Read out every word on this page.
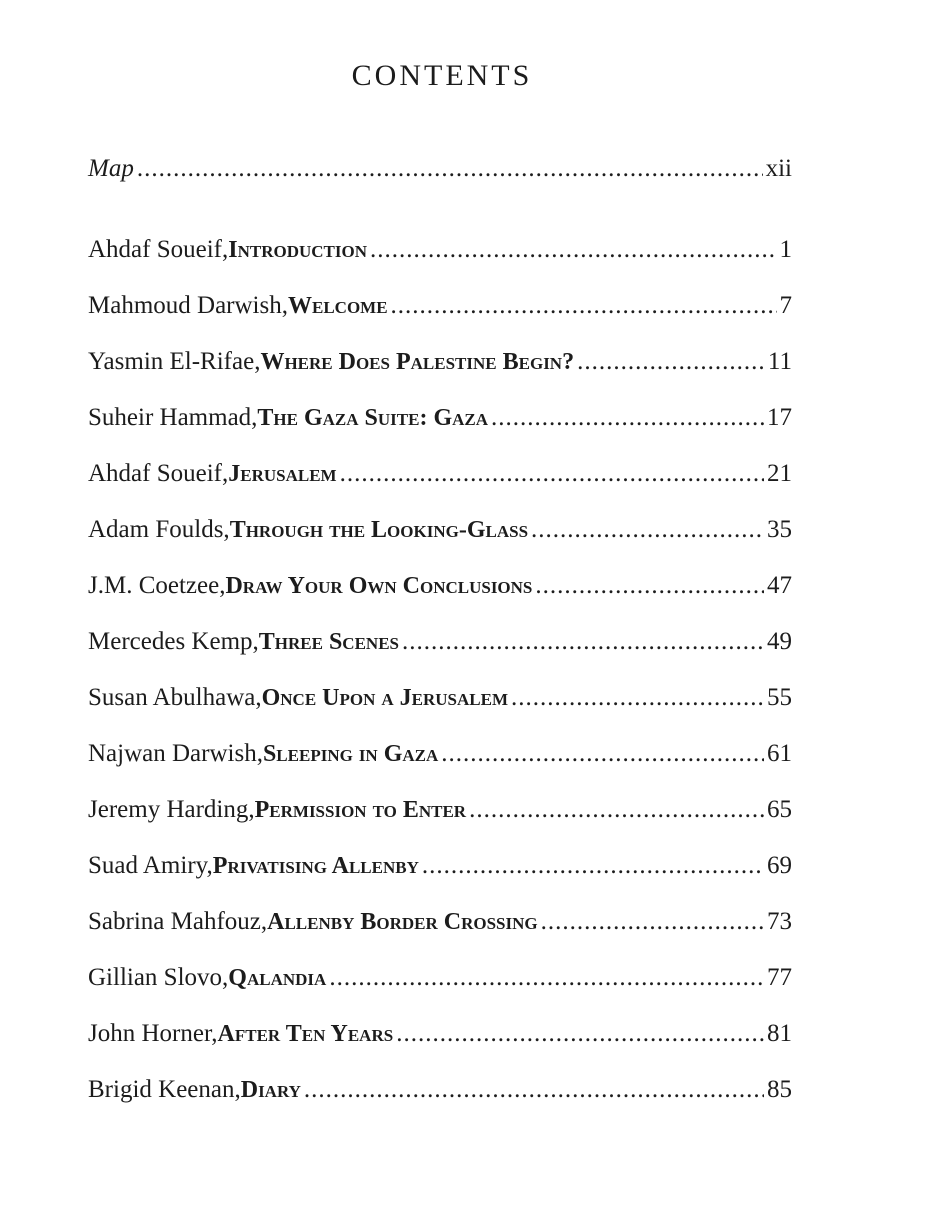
CONTENTS
Map .....	xii
Ahdaf Soueif, Introduction .....	1
Mahmoud Darwish, Welcome .....	7
Yasmin El-Rifae, Where Does Palestine Begin? .....	11
Suheir Hammad, The Gaza Suite: Gaza .....	17
Ahdaf Soueif, Jerusalem .....	21
Adam Foulds, Through the Looking-Glass .....	35
J.M. Coetzee, Draw Your Own Conclusions .....	47
Mercedes Kemp, Three Scenes .....	49
Susan Abulhawa, Once Upon a Jerusalem .....	55
Najwan Darwish, Sleeping in Gaza .....	61
Jeremy Harding, Permission to Enter .....	65
Suad Amiry, Privatising Allenby .....	69
Sabrina Mahfouz, Allenby Border Crossing .....	73
Gillian Slovo, Qalandia .....	77
John Horner, After Ten Years .....	81
Brigid Keenan, Diary .....	85
